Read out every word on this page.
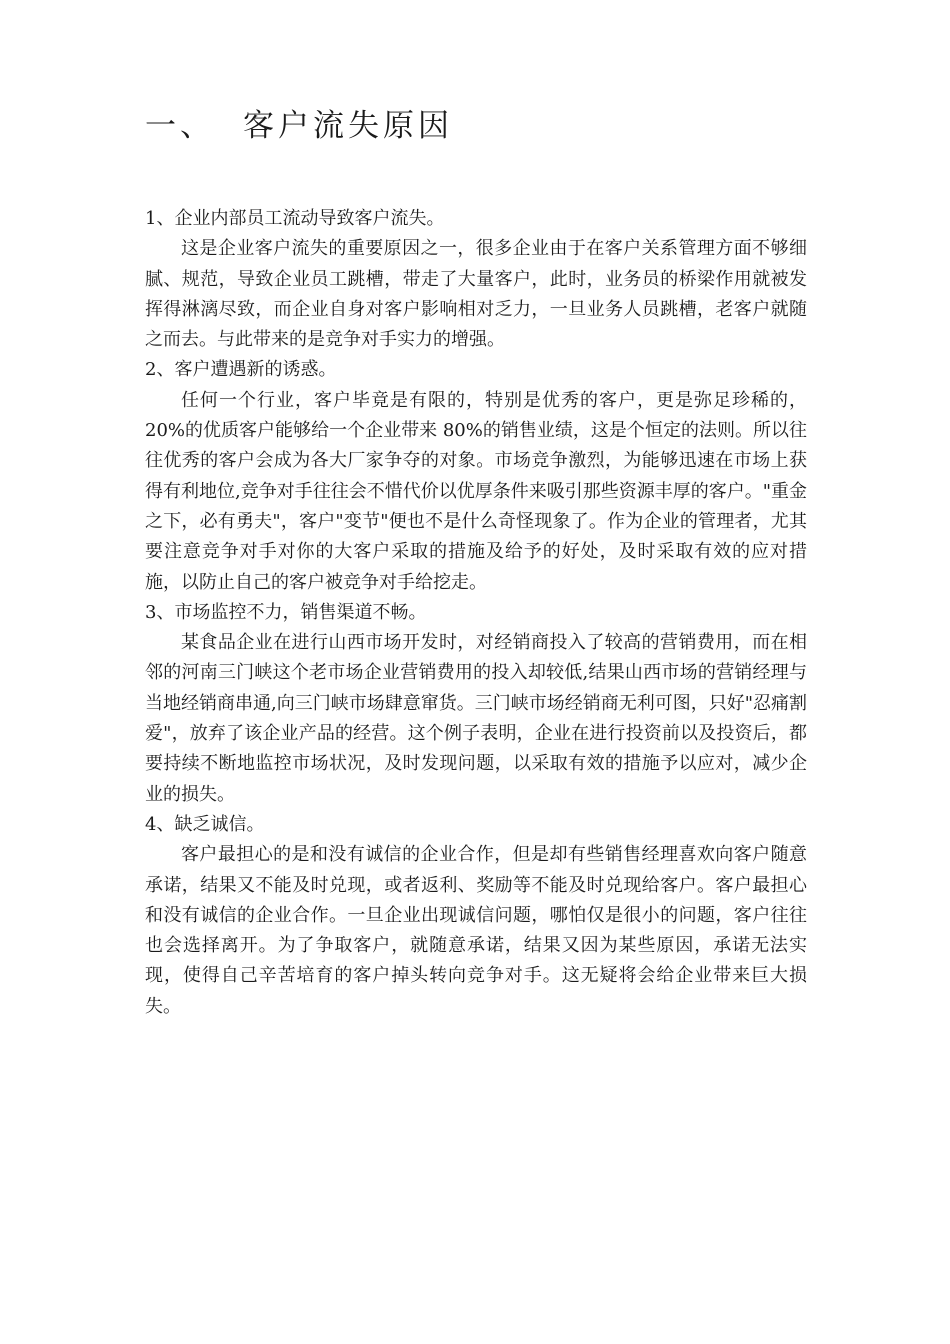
一、 客户流失原因

1、企业内部员工流动导致客户流失。

这是企业客户流失的重要原因之一，很多企业由于在客户关系管理方面不够细腻、规范，导致企业员工跳槽，带走了大量客户，此时，业务员的桥梁作用就被发挥得淋漓尽致，而企业自身对客户影响相对乏力，一旦业务人员跳槽，老客户就随之而去。与此带来的是竞争对手实力的增强。

2、客户遭遇新的诱惑。

任何一个行业，客户毕竟是有限的，特别是优秀的客户，更是弥足珍稀的，20%的优质客户能够给一个企业带来 80%的销售业绩，这是个恒定的法则。所以往往优秀的客户会成为各大厂家争夺的对象。市场竞争激烈，为能够迅速在市场上获得有利地位,竞争对手往往会不惜代价以优厚条件来吸引那些资源丰厚的客户。"重金之下，必有勇夫"，客户"变节"便也不是什么奇怪现象了。作为企业的管理者，尤其要注意竞争对手对你的大客户采取的措施及给予的好处，及时采取有效的应对措施，以防止自己的客户被竞争对手给挖走。

3、市场监控不力，销售渠道不畅。

某食品企业在进行山西市场开发时，对经销商投入了较高的营销费用，而在相邻的河南三门峡这个老市场企业营销费用的投入却较低,结果山西市场的营销经理与当地经销商串通,向三门峡市场肆意窜货。三门峡市场经销商无利可图，只好"忍痛割爱"，放弃了该企业产品的经营。这个例子表明，企业在进行投资前以及投资后，都要持续不断地监控市场状况，及时发现问题，以采取有效的措施予以应对，减少企业的损失。

4、缺乏诚信。

客户最担心的是和没有诚信的企业合作，但是却有些销售经理喜欢向客户随意承诺，结果又不能及时兑现，或者返利、奖励等不能及时兑现给客户。客户最担心和没有诚信的企业合作。一旦企业出现诚信问题，哪怕仅是很小的问题，客户往往也会选择离开。为了争取客户，就随意承诺，结果又因为某些原因，承诺无法实现，使得自己辛苦培育的客户掉头转向竞争对手。这无疑将会给企业带来巨大损失。
